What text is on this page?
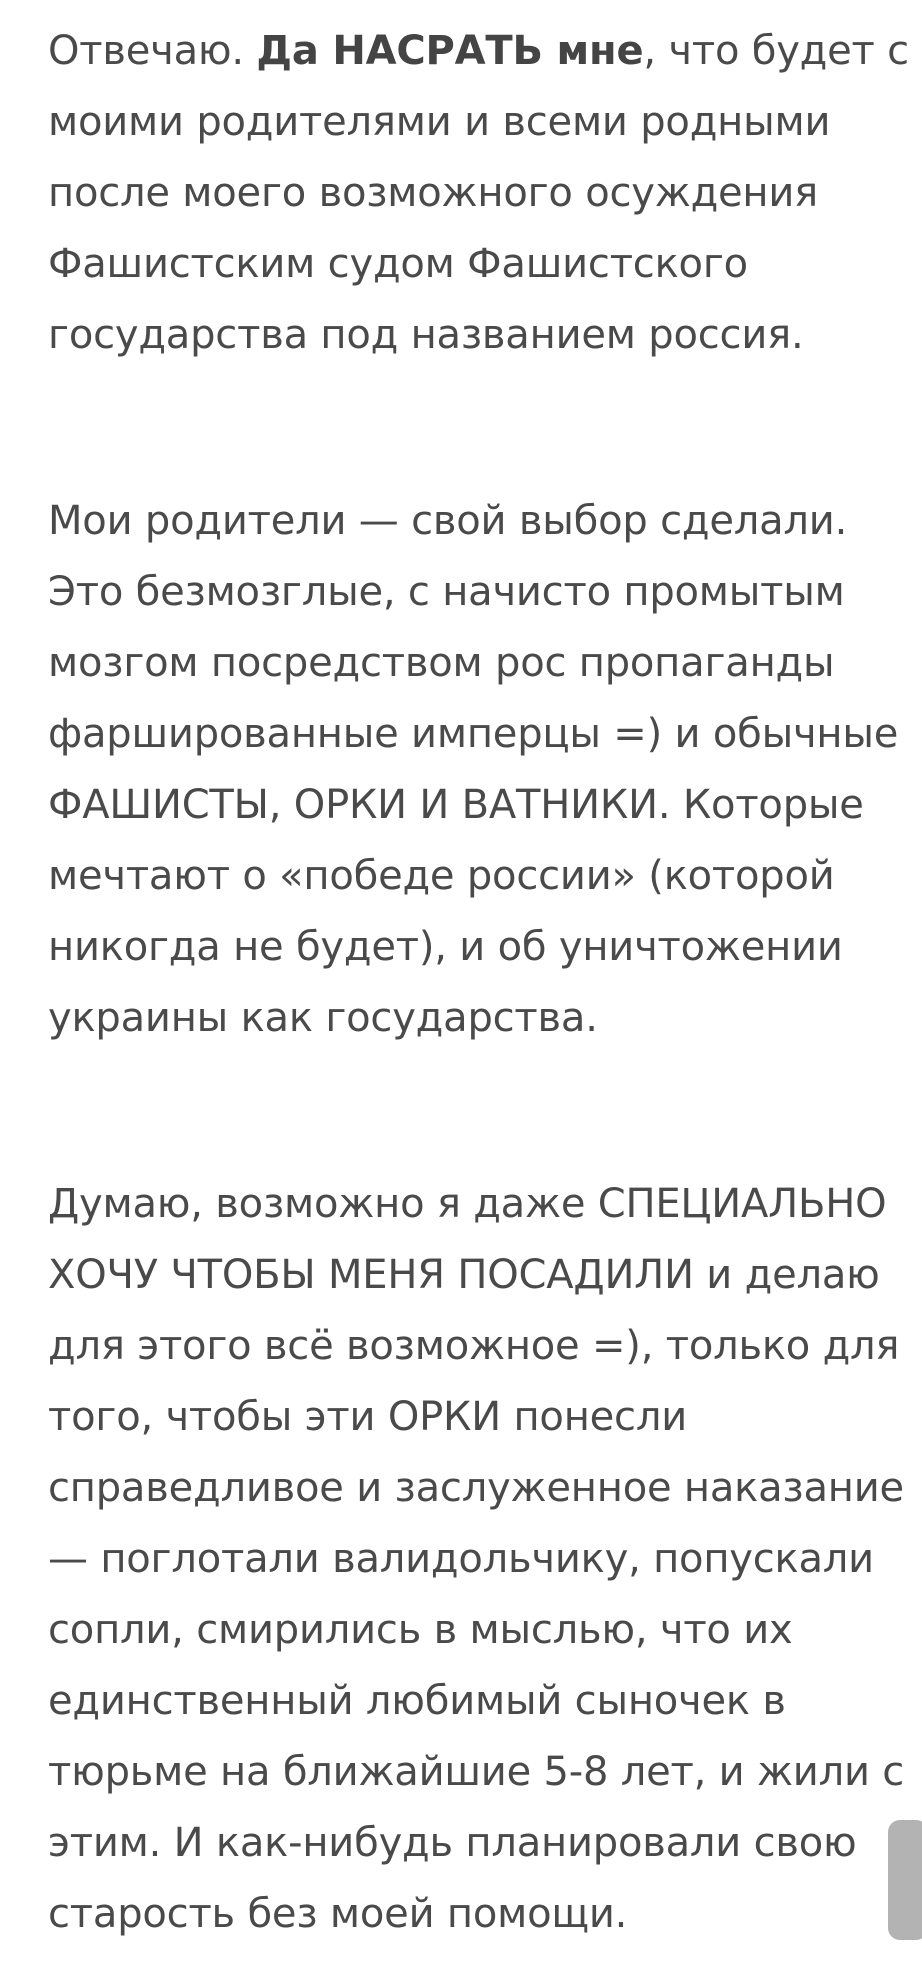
Отвечаю. Да НАСРАТЬ мне, что будет с
моими родителями и всеми родными
после моего возможного осуждения
Фашистским судом Фашистского
государства под названием россия.
Мои родители — свой выбор сделали.
Это безмозглые, с начисто промытым
мозгом посредством рос пропаганды
фаршированные имперцы =) и обычные
ФАШИСТЫ, ОРКИ И ВАТНИКИ. Которые
мечтают о «победе россии» (которой
никогда не будет), и об уничтожении
украины как государства.
Думаю, возможно я даже СПЕЦИАЛЬНО
ХОЧУ ЧТОБЫ МЕНЯ ПОСАДИЛИ и делаю
для этого всё возможное =), только для
того, чтобы эти ОРКИ понесли
справедливое и заслуженное наказание
— поглотали валидольчику, попускали
сопли, смирились в мыслью, что их
единственный любимый сыночек в
тюрьме на ближайшие 5-8 лет, и жили с
этим. И как-нибудь планировали свою
старость без моей помощи.
